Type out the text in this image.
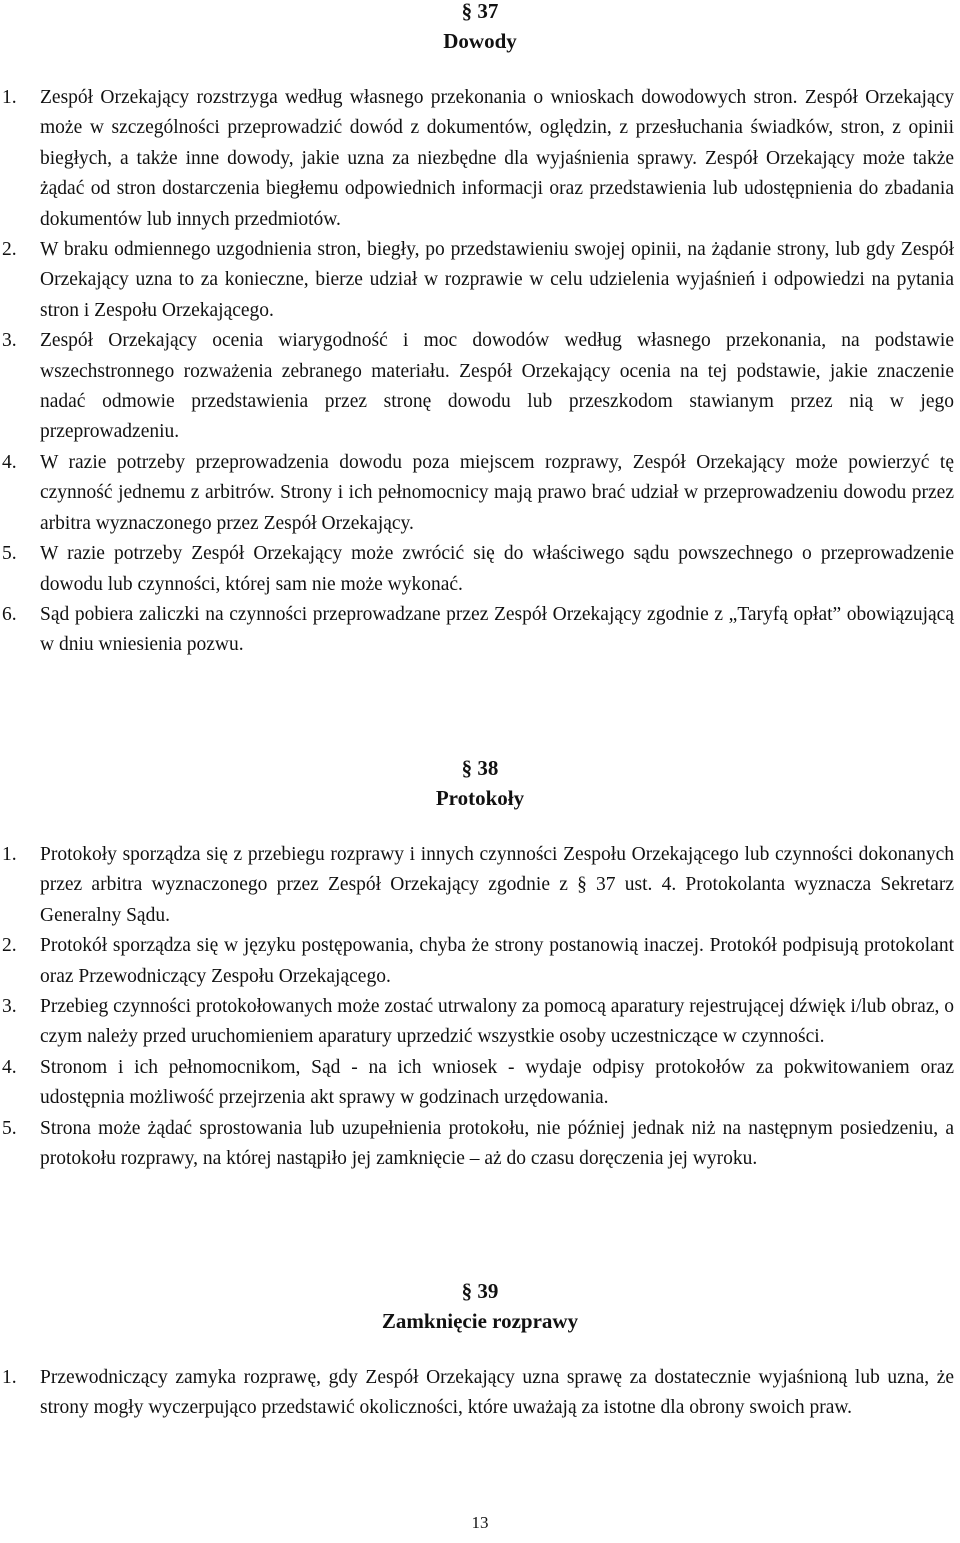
§ 37
Dowody
1. Zespół Orzekający rozstrzyga według własnego przekonania o wnioskach dowodowych stron. Zespół Orzekający może w szczególności przeprowadzić dowód z dokumentów, oględzin, z przesłuchania świadków, stron, z opinii biegłych, a także inne dowody, jakie uzna za niezbędne dla wyjaśnienia sprawy. Zespół Orzekający może także żądać od stron dostarczenia biegłemu odpowiednich informacji oraz przedstawienia lub udostępnienia do zbadania dokumentów lub innych przedmiotów.
2. W braku odmiennego uzgodnienia stron, biegły, po przedstawieniu swojej opinii, na żądanie strony, lub gdy Zespół Orzekający uzna to za konieczne, bierze udział w rozprawie w celu udzielenia wyjaśnień i odpowiedzi na pytania stron i Zespołu Orzekającego.
3. Zespół Orzekający ocenia wiarygodność i moc dowodów według własnego przekonania, na podstawie wszechstronnego rozważenia zebranego materiału. Zespół Orzekający ocenia na tej podstawie, jakie znaczenie nadać odmowie przedstawienia przez stronę dowodu lub przeszkodom stawianym przez nią w jego przeprowadzeniu.
4. W razie potrzeby przeprowadzenia dowodu poza miejscem rozprawy, Zespół Orzekający może powierzyć tę czynność jednemu z arbitrów. Strony i ich pełnomocnicy mają prawo brać udział w przeprowadzeniu dowodu przez arbitra wyznaczonego przez Zespół Orzekający.
5. W razie potrzeby Zespół Orzekający może zwrócić się do właściwego sądu powszechnego o przeprowadzenie dowodu lub czynności, której sam nie może wykonać.
6. Sąd pobiera zaliczki na czynności przeprowadzane przez Zespół Orzekający zgodnie z „Taryfą opłat” obowiązującą w dniu wniesienia pozwu.
§ 38
Protokoły
1. Protokoły sporządza się z przebiegu rozprawy i innych czynności Zespołu Orzekającego lub czynności dokonanych przez arbitra wyznaczonego przez Zespół Orzekający zgodnie z § 37 ust. 4. Protokolanta wyznacza Sekretarz Generalny Sądu.
2. Protokół sporządza się w języku postępowania, chyba że strony postanowią inaczej. Protokół podpisują protokolant oraz Przewodniczący Zespołu Orzekającego.
3. Przebieg czynności protokołowanych może zostać utrwalony za pomocą aparatury rejestrującej dźwięk i/lub obraz, o czym należy przed uruchomieniem aparatury uprzedzić wszystkie osoby uczestniczące w czynności.
4. Stronom i ich pełnomocnikom, Sąd - na ich wniosek - wydaje odpisy protokołów za pokwitowaniem oraz udostępnia możliwość przejrzenia akt sprawy w godzinach urzędowania.
5. Strona może żądać sprostowania lub uzupełnienia protokołu, nie później jednak niż na następnym posiedzeniu, a protokołu rozprawy, na której nastąpiło jej zamknięcie – aż do czasu doręczenia jej wyroku.
§ 39
Zamknięcie rozprawy
1. Przewodniczący zamyka rozprawę, gdy Zespół Orzekający uzna sprawę za dostatecznie wyjaśnioną lub uzna, że strony mogły wyczerpująco przedstawić okoliczności, które uważają za istotne dla obrony swoich praw.
13
